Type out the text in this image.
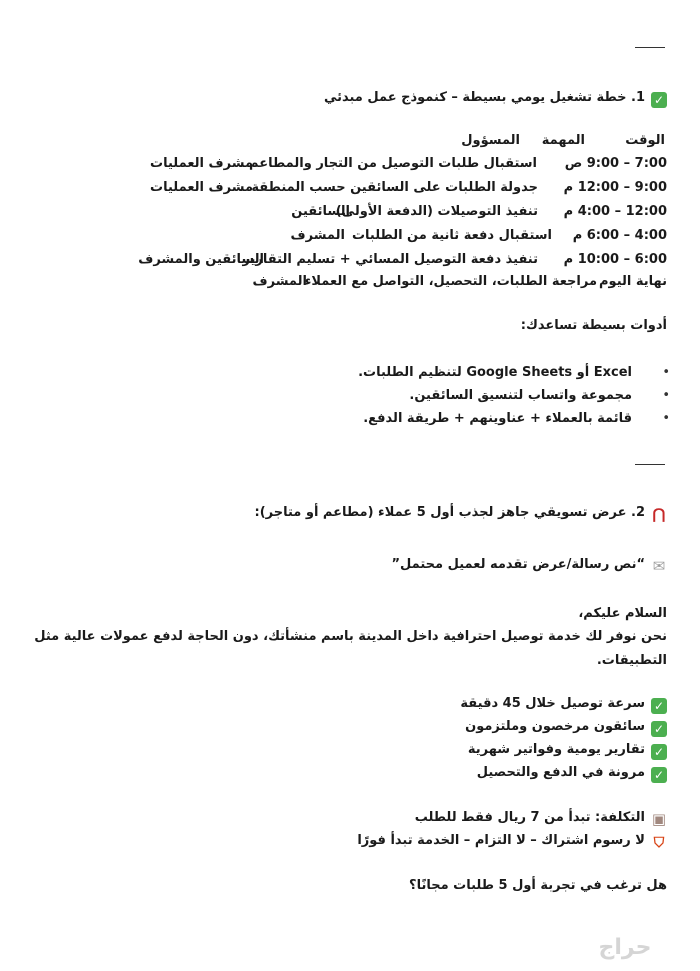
✓1. خطة تشغيل يومي بسيطة – كنموذج عمل مبدئي
الوقت
المهمة
المسؤول
7:00 – 9:00 ص
استقبال طلبات التوصيل من التجار والمطاعم
مشرف العمليات
9:00 – 12:00 م
جدولة الطلبات على السائقين حسب المنطقة
مشرف العمليات
12:00 – 4:00 م
تنفيذ التوصيلات (الدفعة الأولى)
السائقين
4:00 – 6:00 م
استقبال دفعة ثانية من الطلبات
المشرف
6:00 – 10:00 م
تنفيذ دفعة التوصيل المسائي + تسليم التقارير
السائقين والمشرف
نهاية اليوم
مراجعة الطلبات، التحصيل، التواصل مع العملاء
المشرف
أدوات بسيطة تساعدك:
• Excel أو Google Sheets لتنظيم الطلبات.
• مجموعة واتساب لتنسيق السائقين.
• قائمة بالعملاء + عناوينهم + طريقة الدفع.
⋂2. عرض تسويقي جاهز لجذب أول 5 عملاء (مطاعم أو متاجر):
✉“نص رسالة/عرض تقدمه لعميل محتمل”
السلام عليكم،
نحن نوفر لك خدمة توصيل احترافية داخل المدينة باسم منشأتك، دون الحاجة لدفع عمولات عالية مثل
التطبيقات.
✓سرعة توصيل خلال 45 دقيقة
✓سائقون مرخصون وملتزمون
✓تقارير يومية وفواتير شهرية
✓مرونة في الدفع والتحصيل
▣التكلفة: تبدأ من 7 ريال فقط للطلب
⛉لا رسوم اشتراك – لا التزام – الخدمة تبدأ فورًا
هل ترغب في تجربة أول 5 طلبات مجانًا؟
حراج
